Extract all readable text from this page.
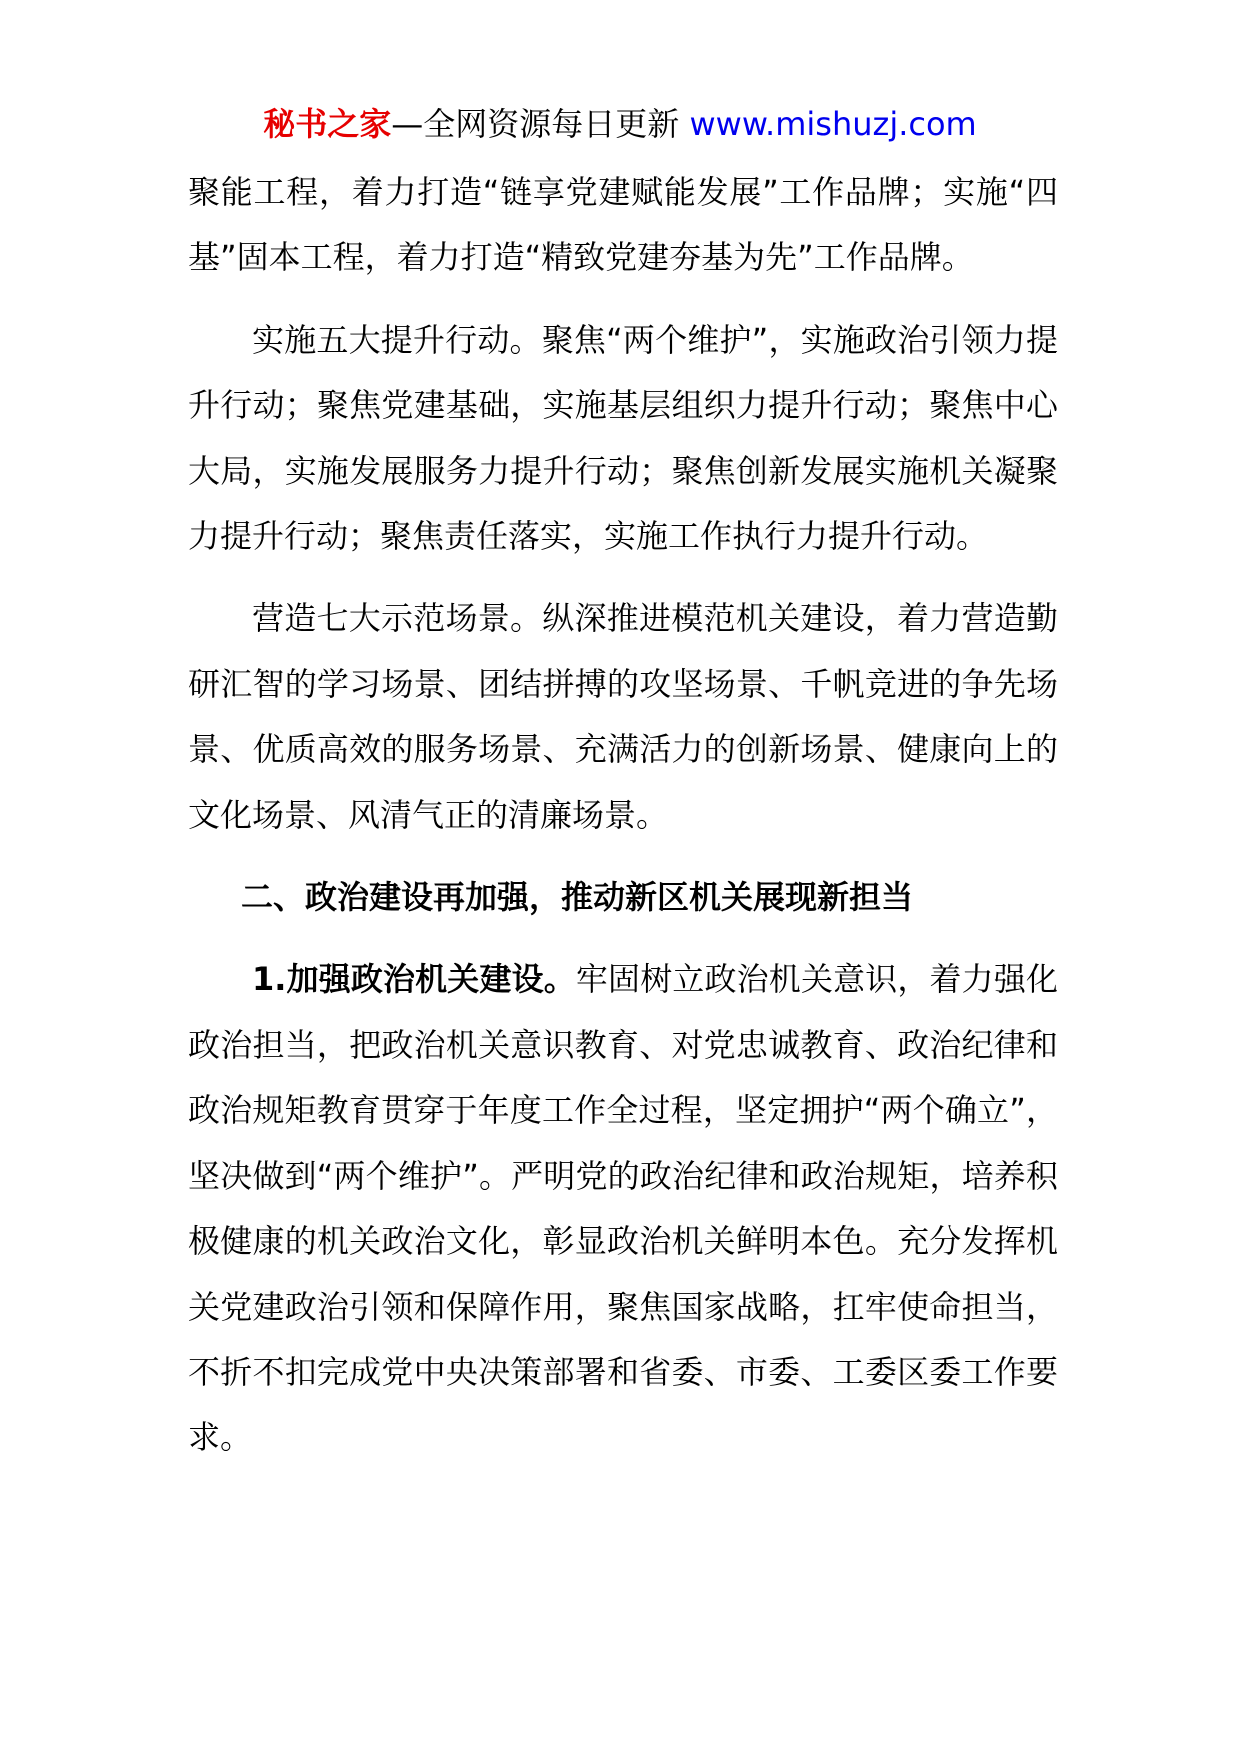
秘书之家—全网资源每日更新 www.mishuzj.com

聚能工程，着力打造“链享党建赋能发展”工作品牌；实施“四基”固本工程，着力打造“精致党建夯基为先”工作品牌。

实施五大提升行动。聚焦“两个维护”，实施政治引领力提升行动；聚焦党建基础，实施基层组织力提升行动；聚焦中心大局，实施发展服务力提升行动；聚焦创新发展实施机关凝聚力提升行动；聚焦责任落实，实施工作执行力提升行动。

营造七大示范场景。纵深推进模范机关建设，着力营造勤研汇智的学习场景、团结拼搏的攻坚场景、千帆竞进的争先场景、优质高效的服务场景、充满活力的创新场景、健康向上的文化场景、风清气正的清廉场景。

二、政治建设再加强，推动新区机关展现新担当

1.加强政治机关建设。牢固树立政治机关意识，着力强化政治担当，把政治机关意识教育、对党忠诚教育、政治纪律和政治规矩教育贯穿于年度工作全过程，坚定拥护“两个确立”，坚决做到“两个维护”。严明党的政治纪律和政治规矩，培养积极健康的机关政治文化，彰显政治机关鲜明本色。充分发挥机关党建政治引领和保障作用，聚焦国家战略，扛牢使命担当，不折不扣完成党中央决策部署和省委、市委、工委区委工作要求。
